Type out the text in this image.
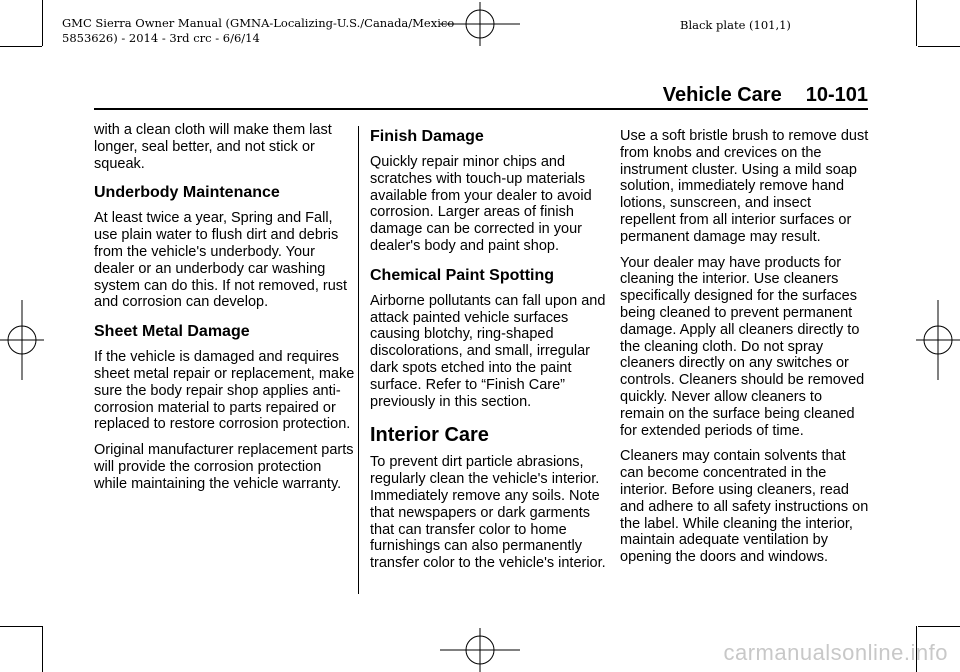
GMC Sierra Owner Manual (GMNA-Localizing-U.S./Canada/Mexico-
5853626) - 2014 - 3rd crc - 6/6/14
Black plate (101,1)
Vehicle Care 10-101

with a clean cloth will make them last longer, seal better, and not stick or squeak.

Underbody Maintenance

At least twice a year, Spring and Fall, use plain water to flush dirt and debris from the vehicle's underbody. Your dealer or an underbody car washing system can do this. If not removed, rust and corrosion can develop.

Sheet Metal Damage

If the vehicle is damaged and requires sheet metal repair or replacement, make sure the body repair shop applies anti-corrosion material to parts repaired or replaced to restore corrosion protection.

Original manufacturer replacement parts will provide the corrosion protection while maintaining the vehicle warranty.

Finish Damage

Quickly repair minor chips and scratches with touch-up materials available from your dealer to avoid corrosion. Larger areas of finish damage can be corrected in your dealer's body and paint shop.

Chemical Paint Spotting

Airborne pollutants can fall upon and attack painted vehicle surfaces causing blotchy, ring-shaped discolorations, and small, irregular dark spots etched into the paint surface. Refer to “Finish Care” previously in this section.

Interior Care

To prevent dirt particle abrasions, regularly clean the vehicle's interior. Immediately remove any soils. Note that newspapers or dark garments that can transfer color to home furnishings can also permanently transfer color to the vehicle's interior.

Use a soft bristle brush to remove dust from knobs and crevices on the instrument cluster. Using a mild soap solution, immediately remove hand lotions, sunscreen, and insect repellent from all interior surfaces or permanent damage may result.

Your dealer may have products for cleaning the interior. Use cleaners specifically designed for the surfaces being cleaned to prevent permanent damage. Apply all cleaners directly to the cleaning cloth. Do not spray cleaners directly on any switches or controls. Cleaners should be removed quickly. Never allow cleaners to remain on the surface being cleaned for extended periods of time.

Cleaners may contain solvents that can become concentrated in the interior. Before using cleaners, read and adhere to all safety instructions on the label. While cleaning the interior, maintain adequate ventilation by opening the doors and windows.

carmanualsonline.info
